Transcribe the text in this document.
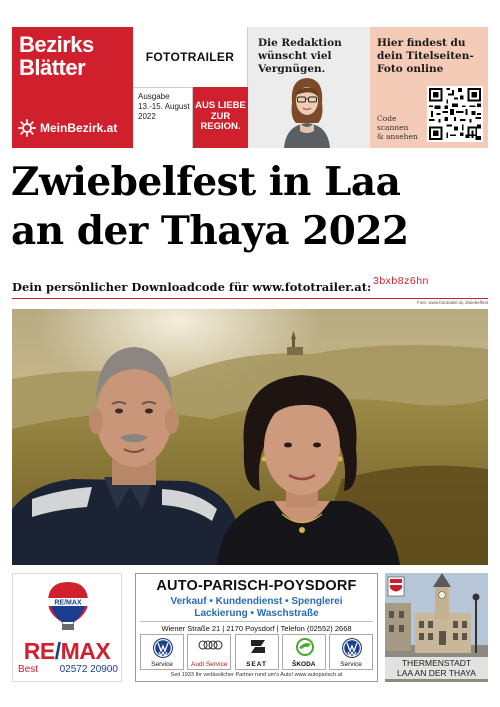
Bezirks
Blätter
MeinBezirk.at
FOTOTRAILER
Ausgabe
13.-15. August
2022
AUS LIEBE
ZUR
REGION.
Die Redaktion wünscht viel Vergnügen.
Hier findest du dein Titelseiten-Foto online
Code
scannen
& ansehen
Zwiebelfest in Laa
an der Thaya 2022
Dein persönlicher Downloadcode für www.fototrailer.at: 3bxb8z6hn
Foto: www.fototrailer.at, Zwiebelfest
RE/MAX
RE/MAX
Best 02572 20900
AUTO-PARISCH-POYSDORF
Verkauf • Kundendienst • Spenglerei
Lackierung • Waschstraße
Wiener Straße 21 | 2170 Poysdorf | Telefon (02552) 2668
Service	Audi Service	SEAT	ŠKODA	Service
Seit 1933 Ihr verlässlicher Partner rund um's Auto! www.autoparisch.at
THERMENSTADT
LAA AN DER THAYA
